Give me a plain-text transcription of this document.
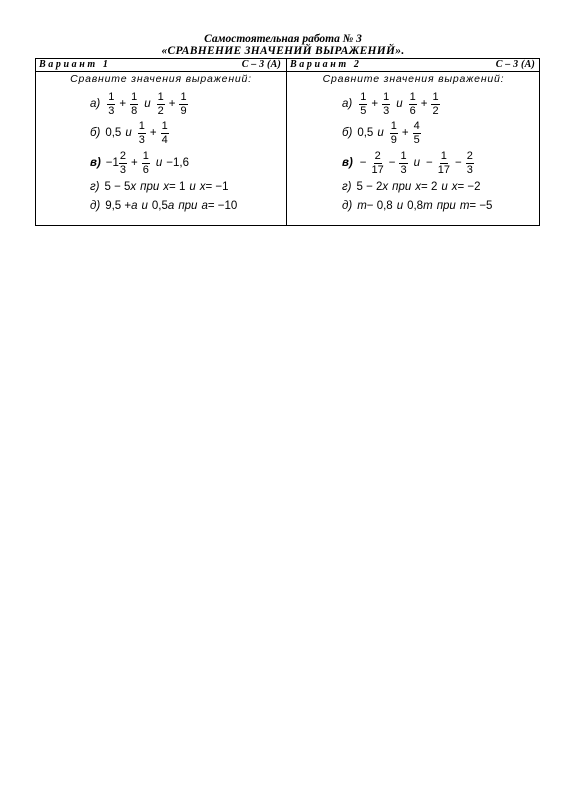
Самостоятельная работа № 3
«СРАВНЕНИЕ ЗНАЧЕНИЙ ВЫРАЖЕНИЙ».
Вариант 1	С – 3 (А)
Сравните значения выражений:
$а) \frac{1}{3} + \frac{1}{8}$ и $\frac{1}{2} + \frac{1}{9}$
б) 0,5 и $\frac{1}{3} + \frac{1}{4}$
$в) -1 \frac{2}{3} + \frac{1}{6}$ и −1,6
г) 5 − 5 x при x = 1 и x = −1
д) 9,5 + a и 0,5 a при a = −10
Вариант 2	С – 3 (А)
Сравните значения выражений:
$а) \frac{1}{5} + \frac{1}{3}$ и $\frac{1}{6} + \frac{1}{2}$
б) 0,5 и $\frac{1}{9} + \frac{4}{5}$
$в) - \frac{2}{17} - \frac{1}{3}$ $и - \frac{1}{17} - \frac{2}{3}$
г) 5 − 2 x при x = 2 и x = −2
д) m − 0,8 и 0,8 m при m = −5
